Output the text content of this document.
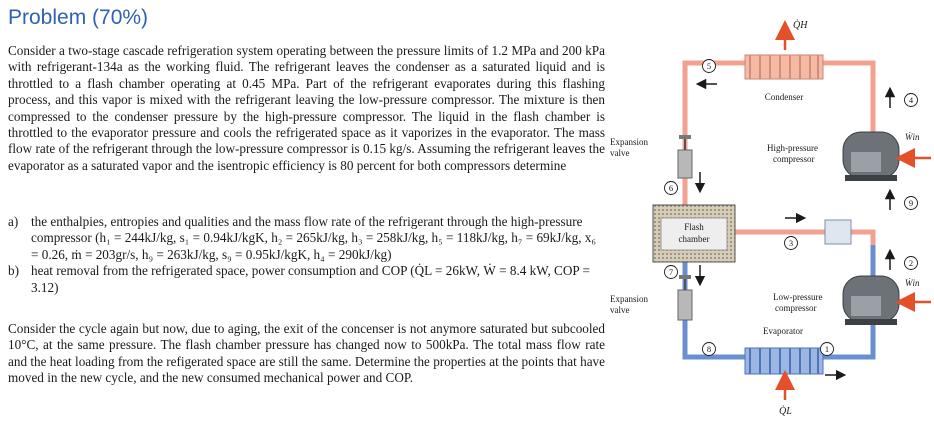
Problem (70%)

Consider a two-stage cascade refrigeration system operating between the pressure limits of 1.2 MPa and 200 kPa with refrigerant-134a as the working fluid. The refrigerant leaves the condenser as a saturated liquid and is throttled to a flash chamber operating at 0.45 MPa. Part of the refrigerant evaporates during this flashing process, and this vapor is mixed with the refrigerant leaving the low-pressure compressor. The mixture is then compressed to the condenser pressure by the high-pressure compressor. The liquid in the flash chamber is throttled to the evaporator pressure and cools the refrigerated space as it vaporizes in the evaporator. The mass flow rate of the refrigerant through the low-pressure compressor is 0.15 kg/s. Assuming the refrigerant leaves the evaporator as a saturated vapor and the isentropic efficiency is 80 percent for both compressors determine

a) the enthalpies, entropies and qualities and the mass flow rate of the refrigerant through the high-pressure compressor (h₁ = 244kJ/kg, s₁ = 0.94kJ/kgK, h₂ = 265kJ/kg, h₃ = 258kJ/kg, h₅ = 118kJ/kg, h₇ = 69kJ/kg, x₆ = 0.26, ṁ = 203gr/s, h₉ = 263kJ/kg, s₉ = 0.95kJ/kgK, h₄ = 290kJ/kg)
b) heat removal from the refrigerated space, power consumption and COP (Q̇L = 26kW, Ẇ = 8.4 kW, COP = 3.12)

Consider the cycle again but now, due to aging, the exit of the concenser is not anymore saturated but subcooled 10°C, at the same pressure. The flash chamber pressure has changed now to 500kPa. The total mass flow rate and the heat loading from the refigerated space are still the same. Determine the properties at the points that have moved in the new cycle, and the new consumed mechanical power and COP.

Condenser
Evaporator
Q̇H
Q̇L
Expansion
valve
Expansion
valve
Flash
chamber
High-pressure
compressor
Ẇin
Low-pressure
compressor
Ẇin
5
4
6
9
3
2
7
8	1
